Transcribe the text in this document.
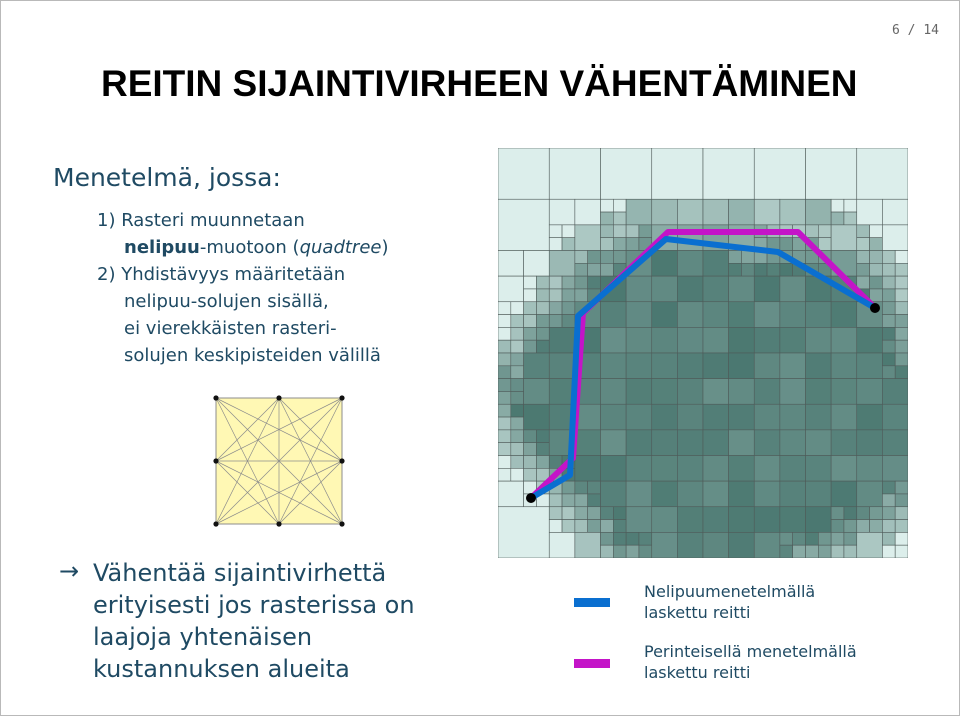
6 / 14
REITIN SIJAINTIVIRHEEN VÄHENTÄMINEN
Menetelmä, jossa:
1) Rasteri muunnetaan
nelipuu-muotoon (quadtree)
2) Yhdistävyys määritetään
nelipuu-solujen sisällä,
ei vierekkäisten rasteri-
solujen keskipisteiden välillä
→ Vähentää sijaintivirhettä
erityisesti jos rasterissa on
laajoja yhtenäisen
kustannuksen alueita
Nelipuumenetelmällä
laskettu reitti
Perinteisellä menetelmällä
laskettu reitti
